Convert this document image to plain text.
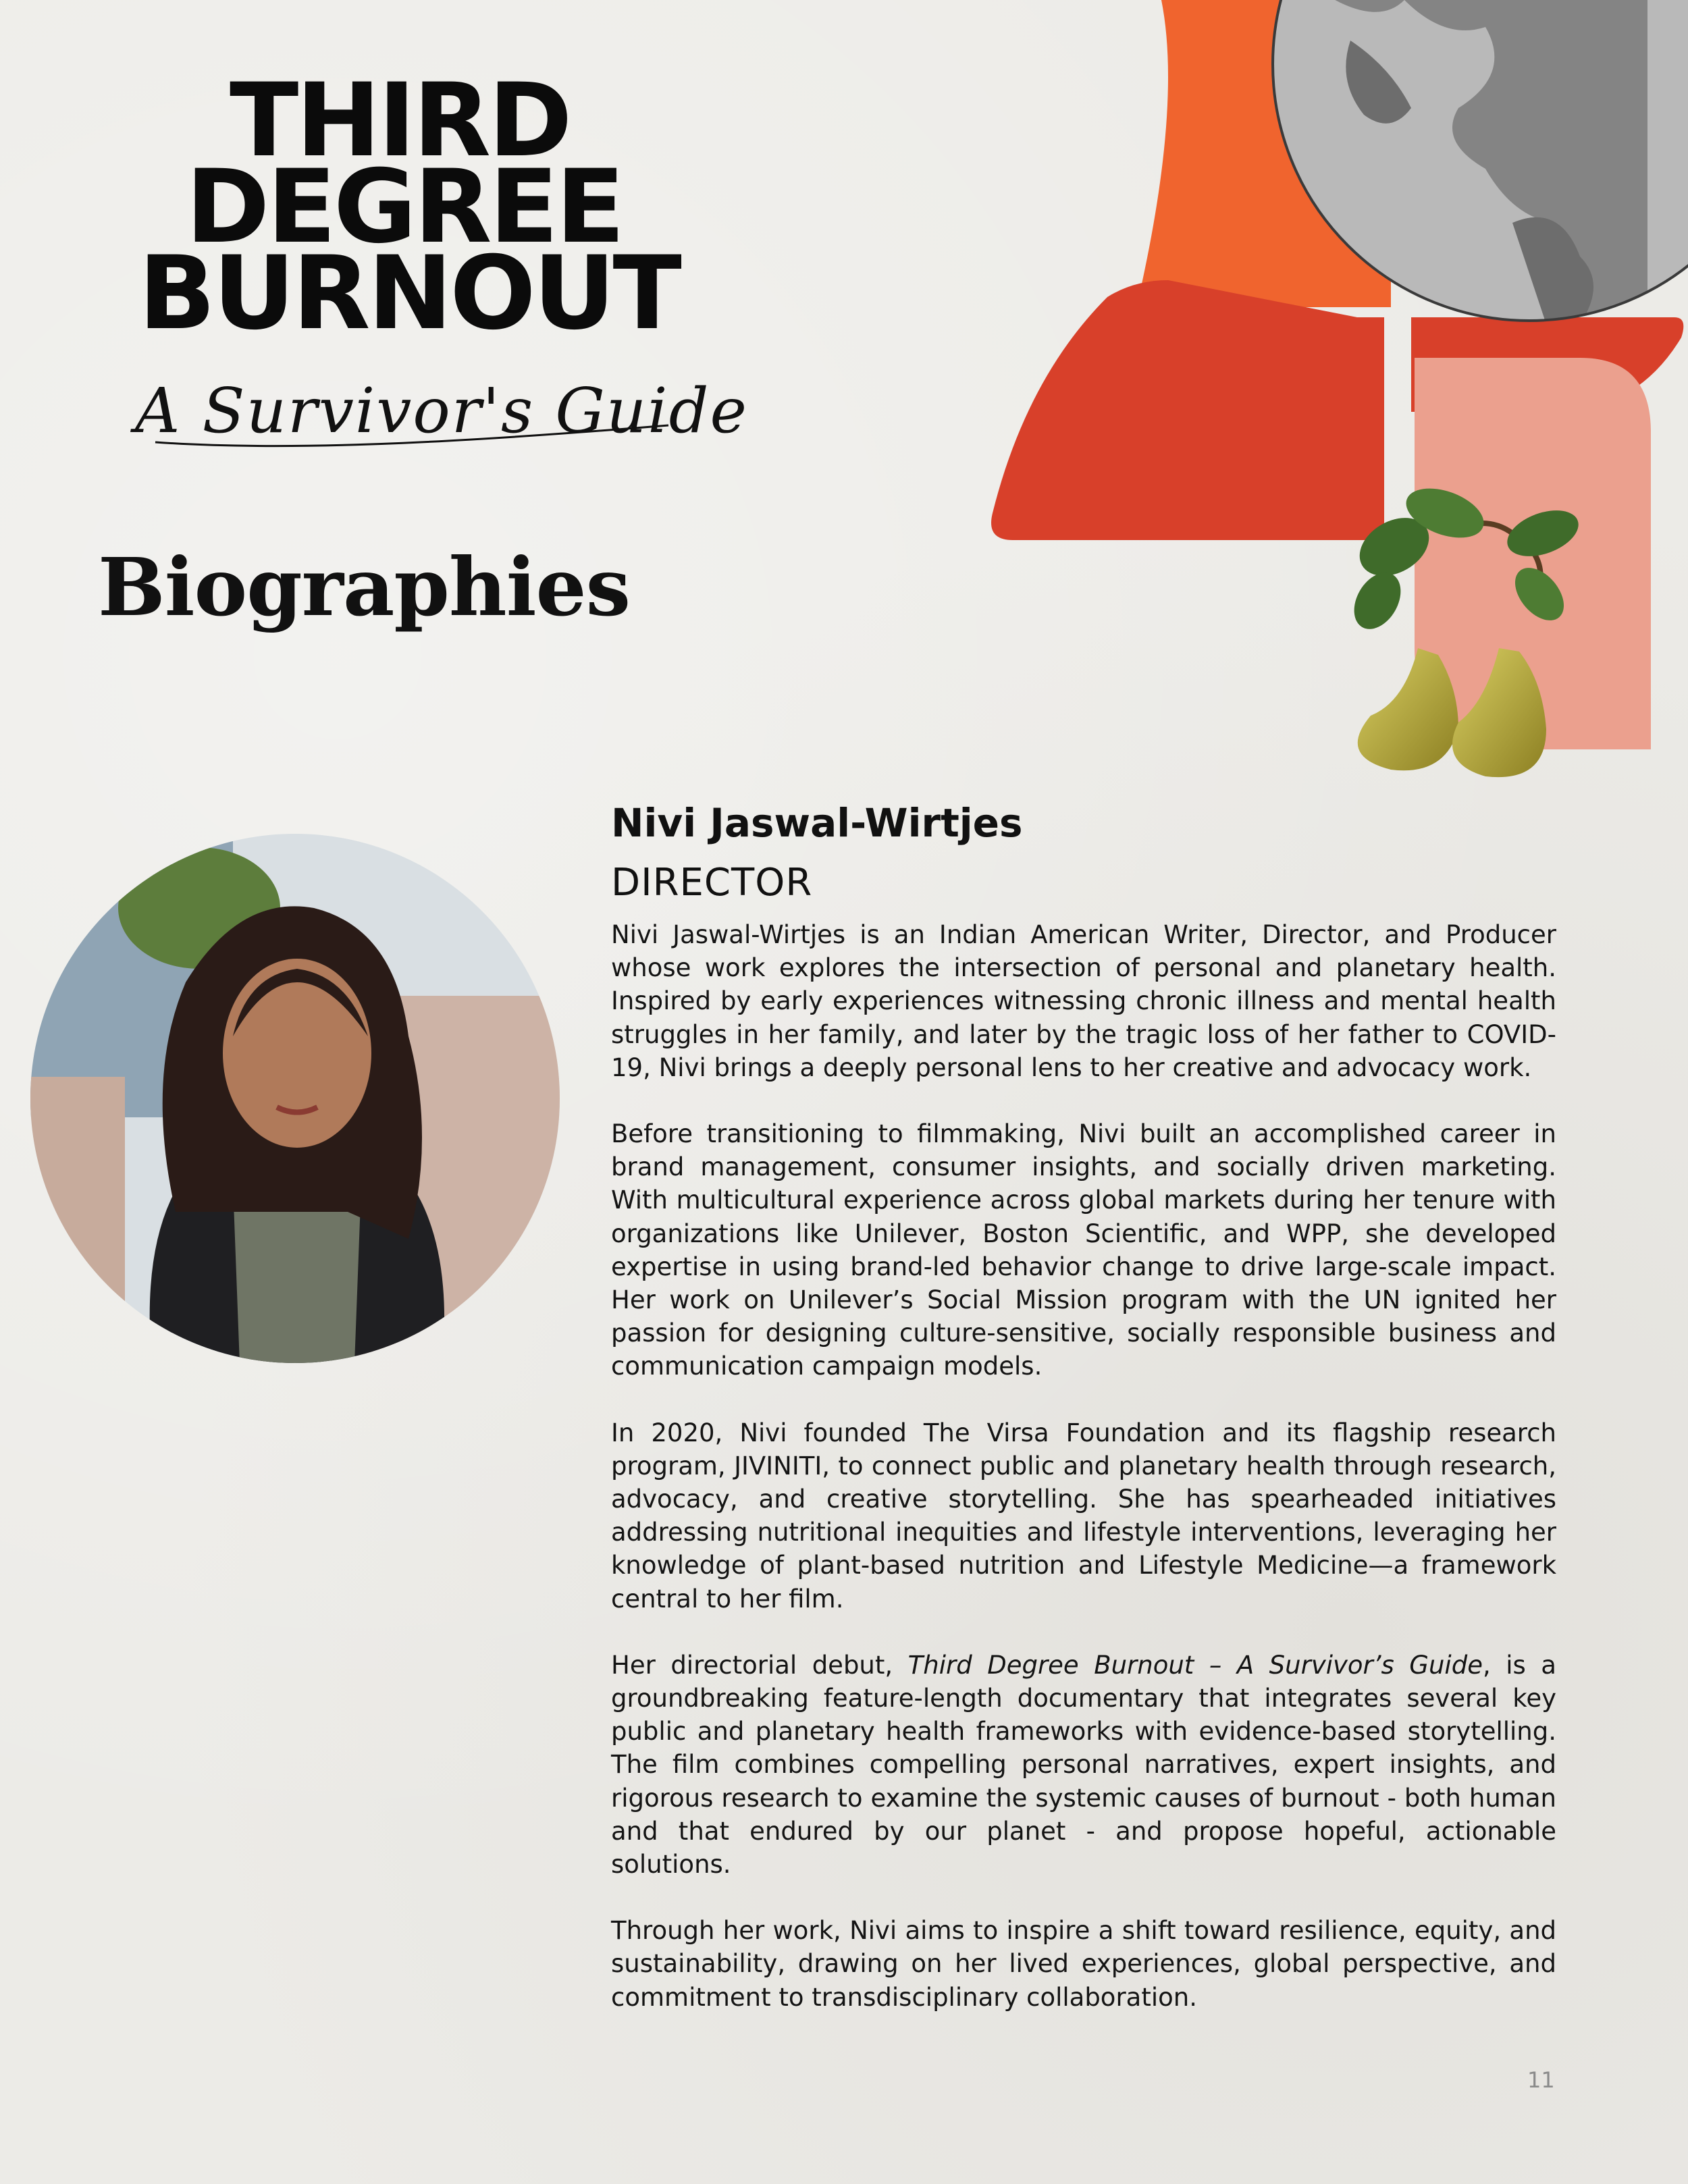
THIRD
DEGREE
BURNOUT
A Survivor's Guide
Biographies
Nivi Jaswal-Wirtjes
DIRECTOR

Nivi Jaswal-Wirtjes is an Indian American Writer, Director, and Producer whose work explores the intersection of personal and planetary health. Inspired by early experiences witnessing chronic illness and mental health struggles in her family, and later by the tragic loss of her father to COVID-19, Nivi brings a deeply personal lens to her creative and advocacy work.

Before transitioning to filmmaking, Nivi built an accomplished career in brand management, consumer insights, and socially driven marketing. With multicultural experience across global markets during her tenure with organizations like Unilever, Boston Scientific, and WPP, she developed expertise in using brand-led behavior change to drive large-scale impact. Her work on Unilever’s Social Mission program with the UN ignited her passion for designing culture-sensitive, socially responsible business and communication campaign models.

In 2020, Nivi founded The Virsa Foundation and its flagship research program, JIVINITI, to connect public and planetary health through research, advocacy, and creative storytelling. She has spearheaded initiatives addressing nutritional inequities and lifestyle interventions, leveraging her knowledge of plant-based nutrition and Lifestyle Medicine—a framework central to her film.

Her directorial debut, Third Degree Burnout – A Survivor’s Guide, is a groundbreaking feature-length documentary that integrates several key public and planetary health frameworks with evidence-based storytelling. The film combines compelling personal narratives, expert insights, and rigorous research to examine the systemic causes of burnout - both human and that endured by our planet - and propose hopeful, actionable solutions.

Through her work, Nivi aims to inspire a shift toward resilience, equity, and sustainability, drawing on her lived experiences, global perspective, and commitment to transdisciplinary collaboration.

11
